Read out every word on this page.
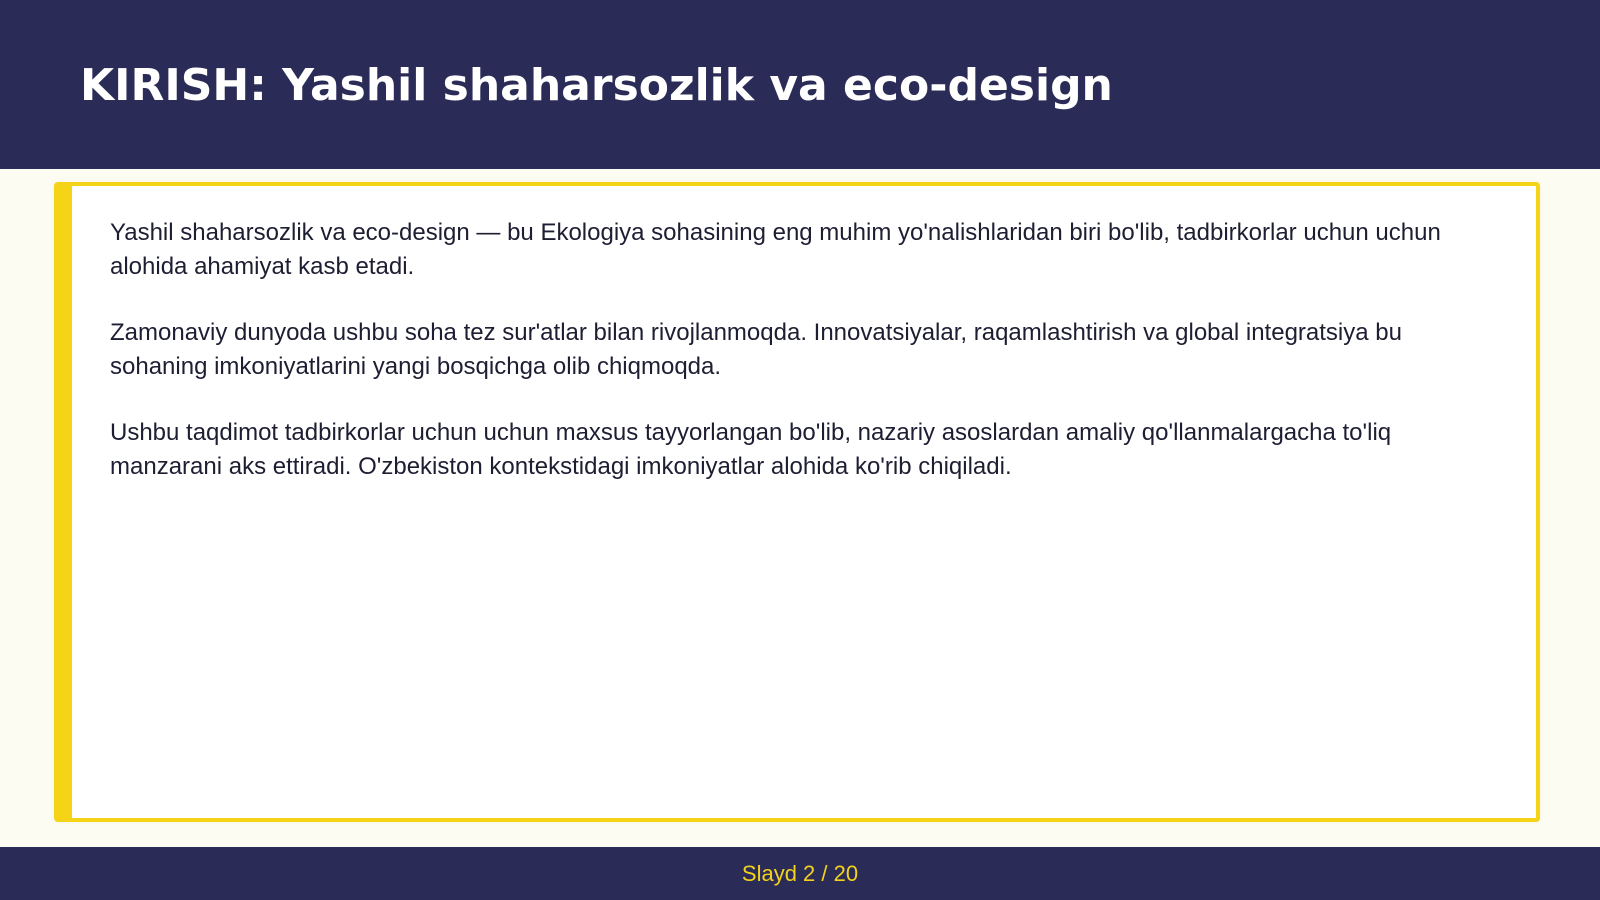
KIRISH: Yashil shaharsozlik va eco-design

Yashil shaharsozlik va eco-design — bu Ekologiya sohasining eng muhim yo'nalishlaridan biri bo'lib, tadbirkorlar uchun uchun alohida ahamiyat kasb etadi.

Zamonaviy dunyoda ushbu soha tez sur'atlar bilan rivojlanmoqda. Innovatsiyalar, raqamlashtirish va global integratsiya bu sohaning imkoniyatlarini yangi bosqichga olib chiqmoqda.

Ushbu taqdimot tadbirkorlar uchun uchun maxsus tayyorlangan bo'lib, nazariy asoslardan amaliy qo'llanmalargacha to'liq manzarani aks ettiradi. O'zbekiston kontekstidagi imkoniyatlar alohida ko'rib chiqiladi.

Slayd 2 / 20
